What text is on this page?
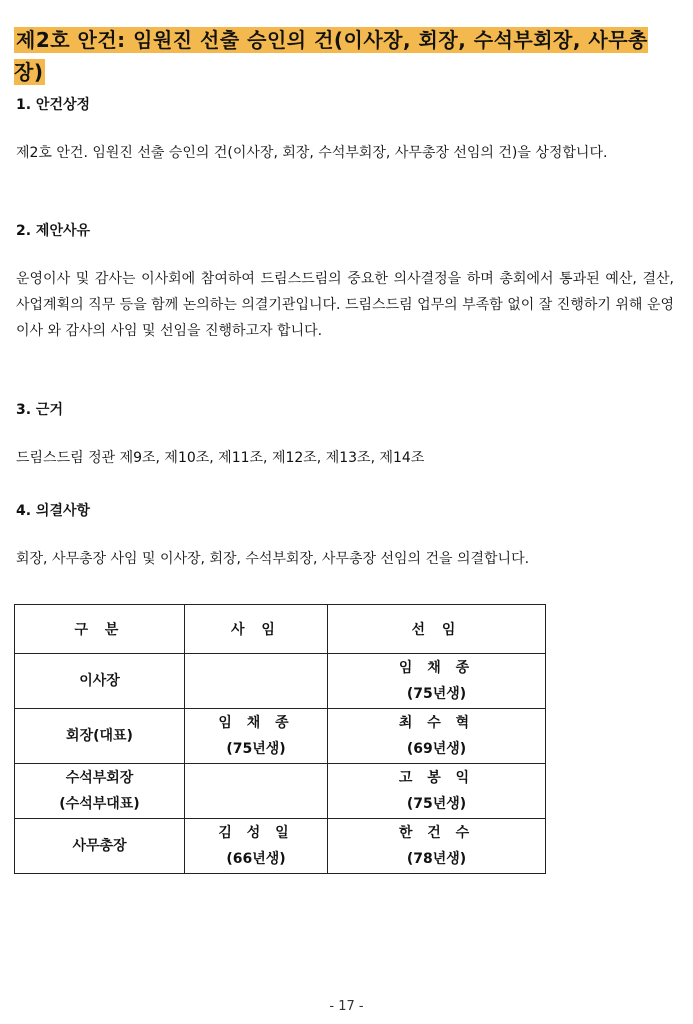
제2호 안건: 임원진 선출 승인의 건(이사장, 회장, 수석부회장, 사무총장)
1. 안건상정
제2호 안건. 임원진 선출 승인의 건(이사장, 회장, 수석부회장, 사무총장 선임의 건)을 상정합니다.
2. 제안사유
운영이사 및 감사는 이사회에 참여하여 드림스드림의 중요한 의사결정을 하며 총회에서 통과된 예산, 결산, 사업계획의 직무 등을 함께 논의하는 의결기관입니다. 드림스드림 업무의 부족함 없이 잘 진행하기 위해 운영이사 와 감사의 사임 및 선임을 진행하고자 합니다.
3. 근거
드림스드림 정관 제9조, 제10조, 제11조, 제12조, 제13조, 제14조
4. 의결사항
회장, 사무총장 사임 및 이사장, 회장, 수석부회장, 사무총장 선임의 건을 의결합니다.
구 분	사 임	선 임

이사장		임 채 종
(75년생)

회장(대표)	임 채 종
(75년생)	최 수 혁
(69년생)

수석부회장
(수석부대표)		고 봉 익
(75년생)

사무총장	김 성 일
(66년생)	한 건 수
(78년생)
- 17 -
